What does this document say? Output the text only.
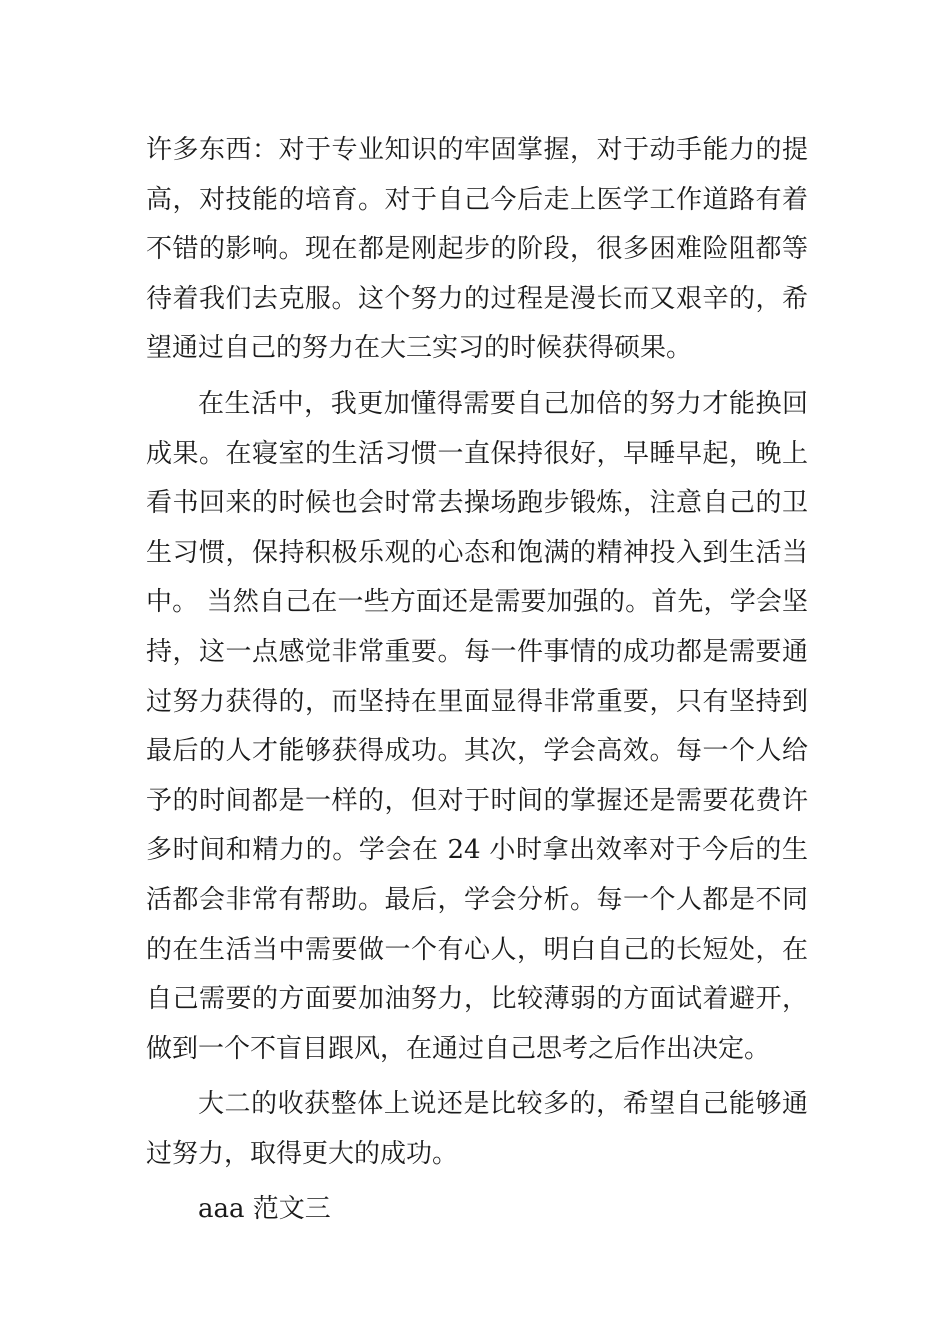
许多东西：对于专业知识的牢固掌握，对于动手能力的提高，对技能的培育。对于自己今后走上医学工作道路有着不错的影响。现在都是刚起步的阶段，很多困难险阻都等待着我们去克服。这个努力的过程是漫长而又艰辛的，希望通过自己的努力在大三实习的时候获得硕果。

在生活中，我更加懂得需要自己加倍的努力才能换回成果。在寝室的生活习惯一直保持很好，早睡早起，晚上看书回来的时候也会时常去操场跑步锻炼，注意自己的卫生习惯，保持积极乐观的心态和饱满的精神投入到生活当中。 当然自己在一些方面还是需要加强的。首先，学会坚持，这一点感觉非常重要。每一件事情的成功都是需要通过努力获得的，而坚持在里面显得非常重要，只有坚持到最后的人才能够获得成功。其次，学会高效。每一个人给予的时间都是一样的，但对于时间的掌握还是需要花费许多时间和精力的。学会在 24 小时拿出效率对于今后的生活都会非常有帮助。最后，学会分析。每一个人都是不同的在生活当中需要做一个有心人，明白自己的长短处，在自己需要的方面要加油努力，比较薄弱的方面试着避开，做到一个不盲目跟风，在通过自己思考之后作出决定。

大二的收获整体上说还是比较多的，希望自己能够通过努力，取得更大的成功。

aaa 范文三
